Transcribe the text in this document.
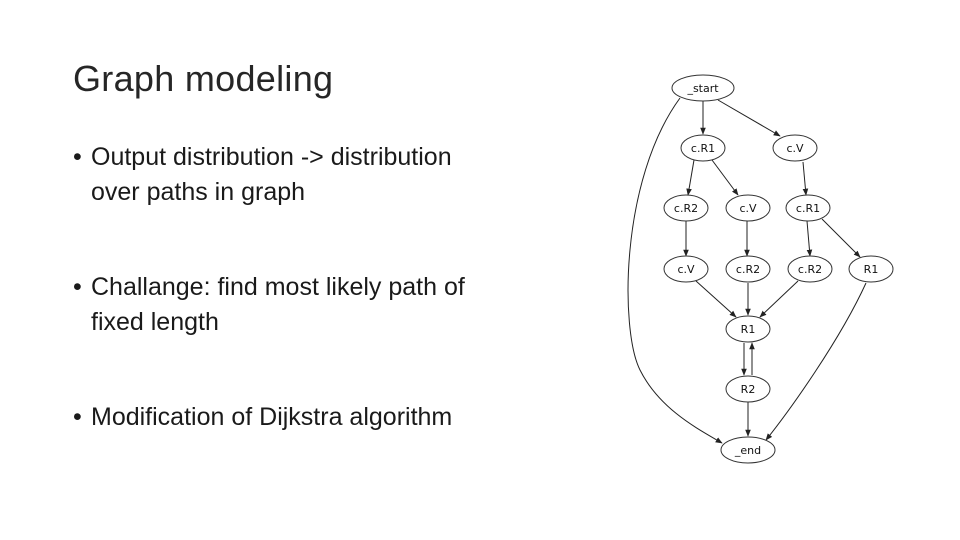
Graph modeling
• Output distribution -> distribution
over paths in graph
• Challange: find most likely path of
fixed length
• Modification of Dijkstra algorithm
_start
c.R1	c.V
c.R2	c.V	c.R1
c.V	c.R2	c.R2	R1
R1
R2
_end
